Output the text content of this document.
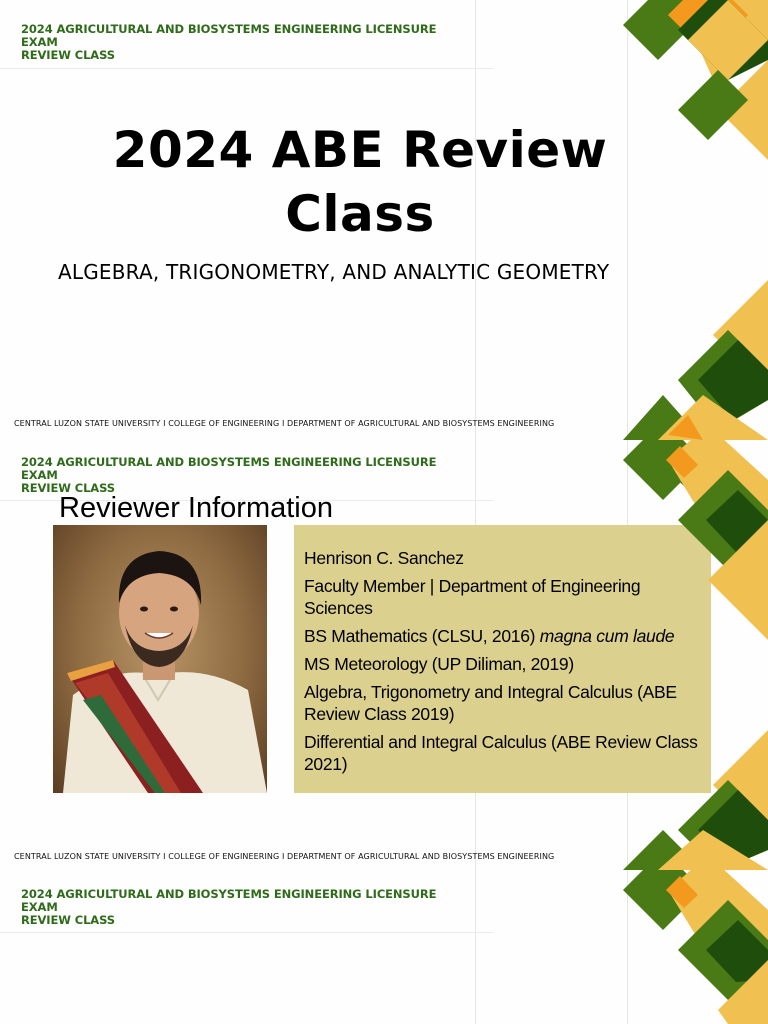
2024 AGRICULTURAL AND BIOSYSTEMS ENGINEERING LICENSURE EXAM
REVIEW CLASS
2024 ABE Review
Class
ALGEBRA, TRIGONOMETRY, AND ANALYTIC GEOMETRY
CENTRAL LUZON STATE UNIVERSITY I COLLEGE OF ENGINEERING I DEPARTMENT OF AGRICULTURAL AND BIOSYSTEMS ENGINEERING
2024 AGRICULTURAL AND BIOSYSTEMS ENGINEERING LICENSURE EXAM
REVIEW CLASS
Reviewer Information

Henrison C. Sanchez

Faculty Member | Department of Engineering Sciences

BS Mathematics (CLSU, 2016) magna cum laude

MS Meteorology (UP Diliman, 2019)

Algebra, Trigonometry and Integral Calculus (ABE Review Class 2019)

Differential and Integral Calculus (ABE Review Class 2021)

CENTRAL LUZON STATE UNIVERSITY I COLLEGE OF ENGINEERING I DEPARTMENT OF AGRICULTURAL AND BIOSYSTEMS ENGINEERING
2024 AGRICULTURAL AND BIOSYSTEMS ENGINEERING LICENSURE EXAM
REVIEW CLASS
